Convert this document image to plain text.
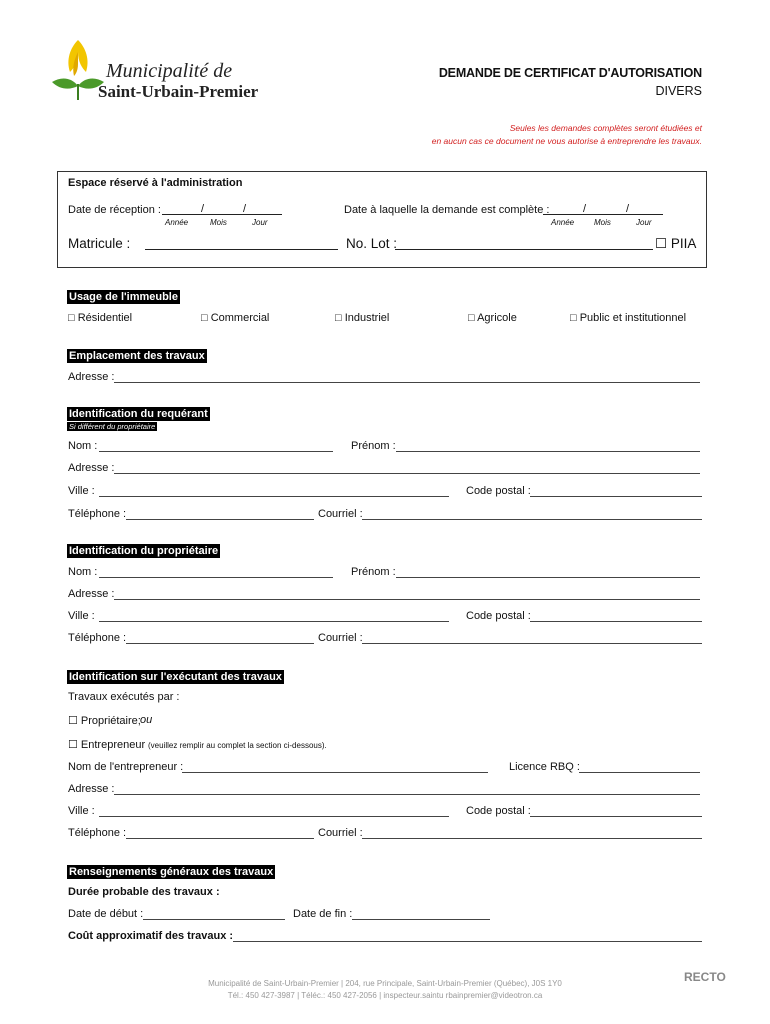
Municipalité de
Saint-Urbain-Premier
DEMANDE DE CERTIFICAT D'AUTORISATION
DIVERS
Seules les demandes complètes seront étudiées et
en aucun cas ce document ne vous autorise à entreprendre les travaux.
Espace réservé à l'administration
Date de réception :	/	/
Année	Mois	Jour
Date à laquelle la demande est complète :	/	/
Année Mois	Jour
Matricule :	No. Lot :	☐ PIIA
Usage de l'immeuble
□ Résidentiel	□ Commercial	□ Industriel	□ Agricole	□ Public et institutionnel
Emplacement des travaux
Adresse :
Identification du requérant
Si différent du propriétaire
Nom :	Prénom :
Adresse :
Ville :	Code postal :
Téléphone :	Courriel :
Identification du propriétaire
Nom :	Prénom :
Adresse :
Ville :	Code postal :
Téléphone :	Courriel :
Identification sur l'exécutant des travaux
Travaux exécutés par :
☐ Propriétaire; ou
☐ Entrepreneur (veuillez remplir au complet la section ci-dessous).
Nom de l'entrepreneur :	Licence RBQ :
Adresse :
Ville :	Code postal :
Téléphone :	Courriel :
Renseignements généraux des travaux
Durée probable des travaux :
Date de début :	Date de fin :
Coût approximatif des travaux :
Municipalité de Saint-Urbain-Premier | 204, rue Principale, Saint-Urbain-Premier (Québec), J0S 1Y0
Tél.: 450 427-3987 | Téléc.: 450 427-2056 | inspecteur.saintu rbainpremier@videotron.ca
RECTO
